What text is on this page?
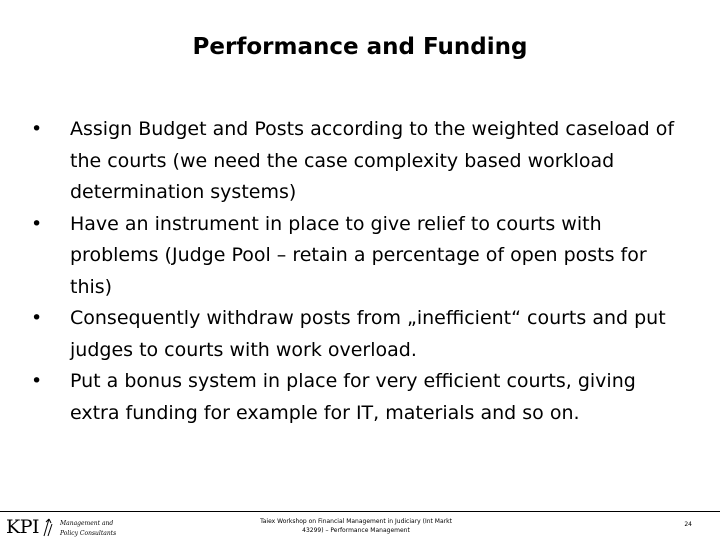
Performance and Funding
• Assign Budget and Posts according to the weighted caseload of the courts (we need the case complexity based workload determination systems)
• Have an instrument in place to give relief to courts with problems (Judge Pool – retain a percentage of open posts for this)
• Consequently withdraw posts from „inefficient“ courts and put judges to courts with work overload.
• Put a bonus system in place for very efficient courts, giving extra funding for example for IT, materials and so on.
KPI	Management and
Policy Consultants
Taiex Workshop on Financial Management in Judiciary (Int Markt 43299) – Performance Management
24
